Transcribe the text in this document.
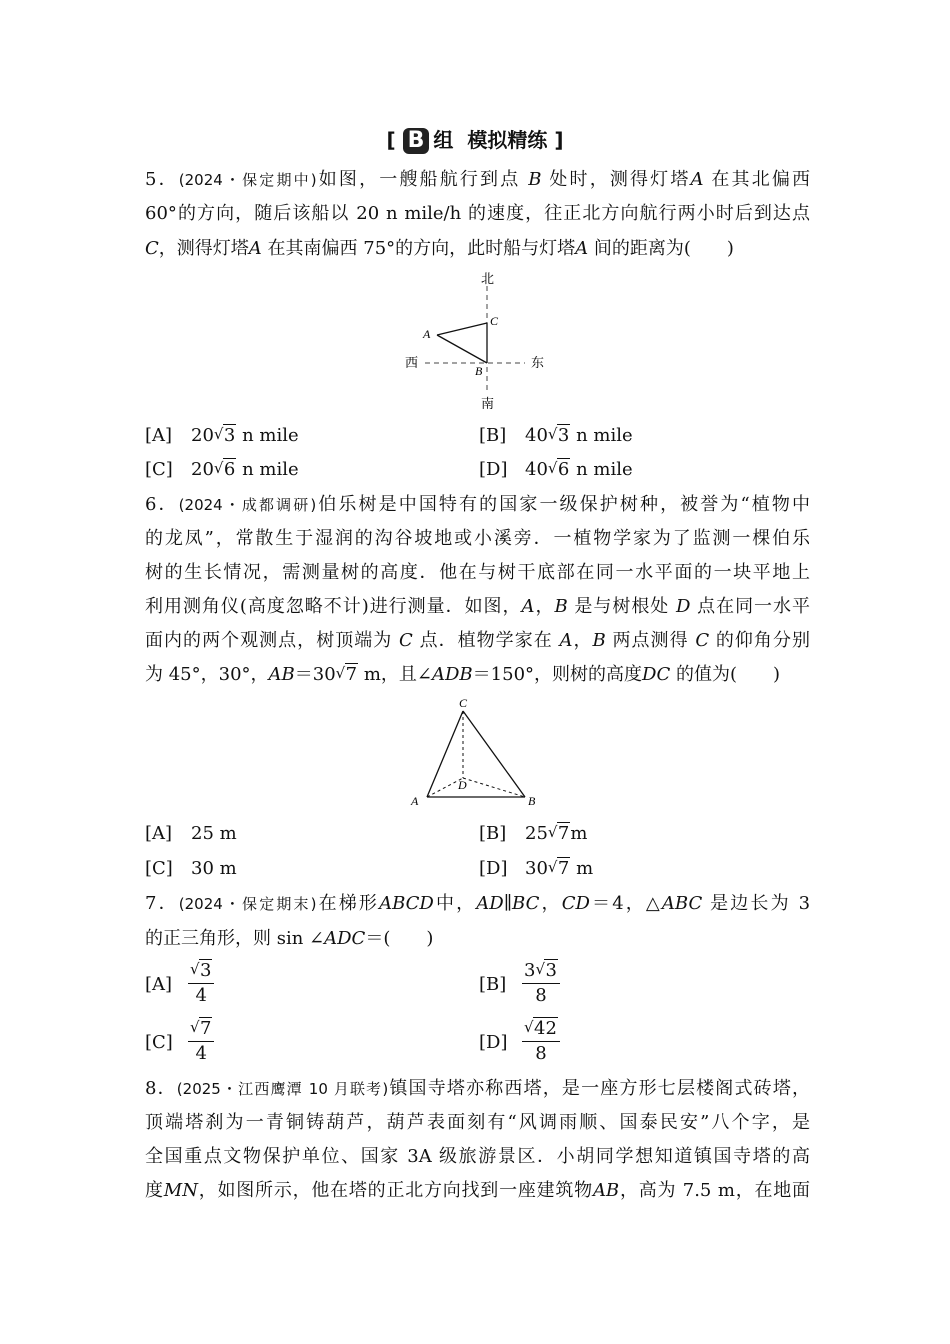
[ B 组 模拟精练 ]
5．(2024・保定期中)如图，一艘船航行到点 B 处时，测得灯塔A 在其北偏西
60°的方向，随后该船以 20 n mile/h 的速度，往正北方向航行两小时后到达点
C，测得灯塔A 在其南偏西 75°的方向，此时船与灯塔A 间的距离为(　　)
北
南
西	东
A
B
C
[A] 20 √ 3 n mile	[B] 40 √ 3 n mile
[C] 20 √ 6 n mile	[D] 40 √ 6 n mile
6．(2024・成都调研)伯乐树是中国特有的国家一级保护树种，被誉为“植物中
的龙凤”，常散生于湿润的沟谷坡地或小溪旁．一植物学家为了监测一棵伯乐
树的生长情况，需测量树的高度．他在与树干底部在同一水平面的一块平地上
利用测角仪(高度忽略不计)进行测量．如图，A，B 是与树根处 D 点在同一水平
面内的两个观测点，树顶端为 C 点．植物学家在 A，B 两点测得 C 的仰角分别
为 45°，30°，AB＝30 √ 7 m，且∠ADB＝150°，则树的高度DC 的值为(　　)
C
D
A	B
[A] 25 m	[B] 25 √ 7m
[C] 30 m	[D] 30 √ 7 m
7．(2024・保定期末)在梯形ABCD中，AD∥BC，CD＝4，△ABC 是边长为 3
的正三角形，则 sin ∠ADC＝(　　)
$[A] \frac{√ 3}{4}$	$[B] \frac{3 √ 3}{8}$
$[C] \frac{√ 7}{4}$	$[D] \frac{√ 42}{8}$
8．(2025・江西鹰潭 10 月联考)镇国寺塔亦称西塔，是一座方形七层楼阁式砖塔，
顶端塔刹为一青铜铸葫芦，葫芦表面刻有“风调雨顺、国泰民安”八个字，是
全国重点文物保护单位、国家 3A 级旅游景区．小胡同学想知道镇国寺塔的高
度MN，如图所示，他在塔的正北方向找到一座建筑物AB，高为 7.5 m，在地面
